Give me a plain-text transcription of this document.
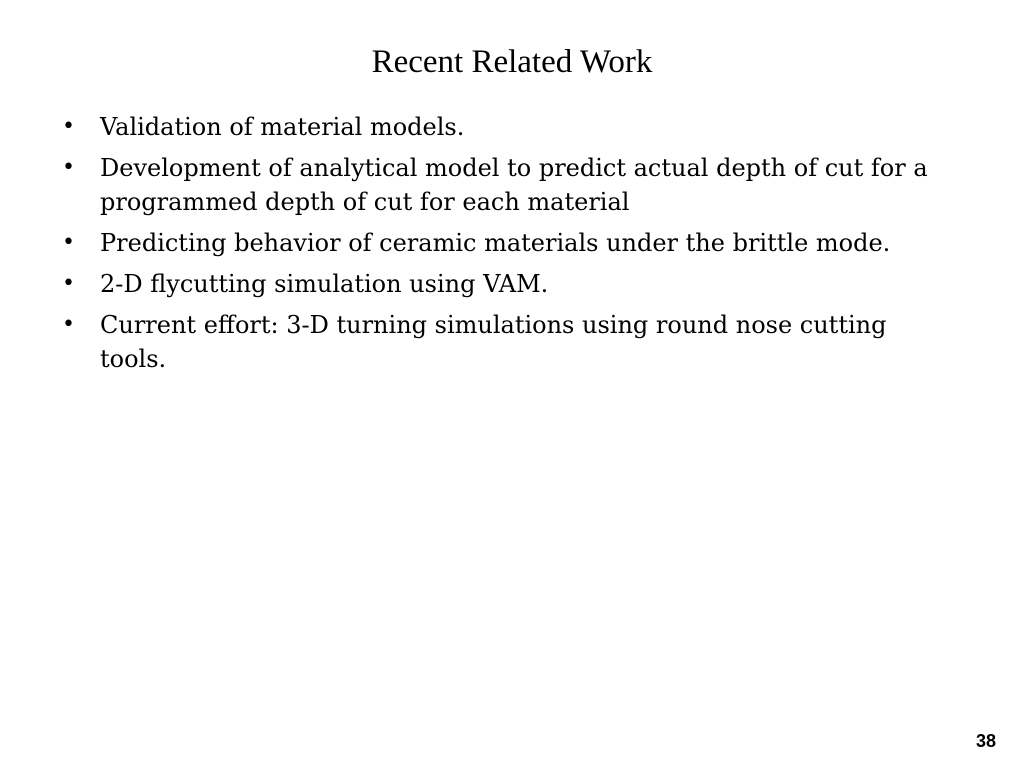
Recent Related Work
• Validation of material models.
• Development of analytical model to predict actual depth of cut for a programmed depth of cut for each material
• Predicting behavior of ceramic materials under the brittle mode.
• 2-D flycutting simulation using VAM.
• Current effort: 3-D turning simulations using round nose cutting tools.
38
